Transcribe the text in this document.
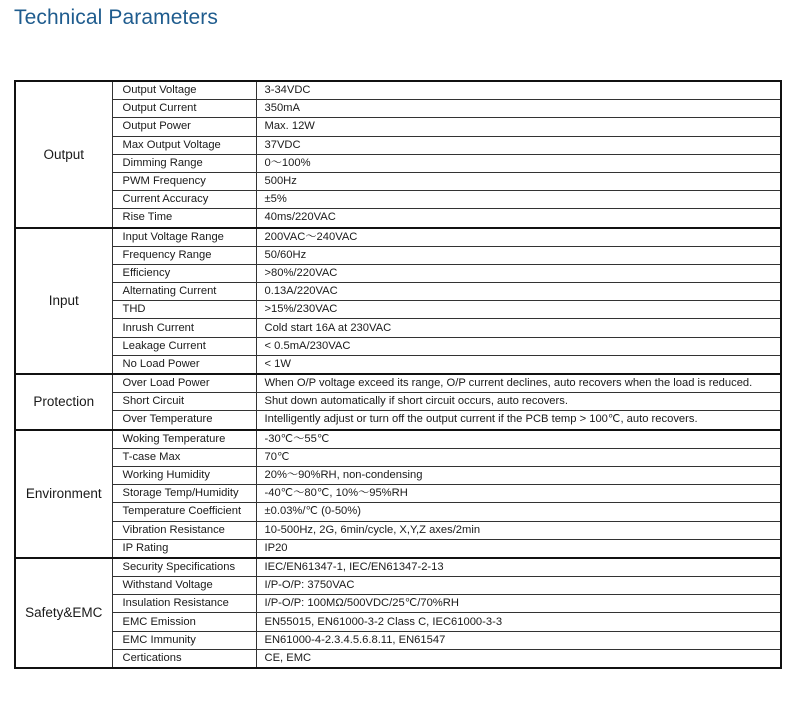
Technical Parameters
Output	Output Voltage	3-34VDC
	Output Current	350mA
	Output Power	Max. 12W
	Max Output Voltage	37VDC
	Dimming Range	0～100%
	PWM Frequency	500Hz
	Current Accuracy	±5%
	Rise Time	40ms/220VAC
Input	Input Voltage Range	200VAC～240VAC
	Frequency Range	50/60Hz
	Efficiency	>80%/220VAC
	Alternating Current	0.13A/220VAC
	THD	>15%/230VAC
	Inrush Current	Cold start 16A at 230VAC
	Leakage Current	< 0.5mA/230VAC
	No Load Power	< 1W
Protection	Over Load Power	When O/P voltage exceed its range, O/P current declines, auto recovers when the load is reduced.
	Short Circuit	Shut down automatically if short circuit occurs, auto recovers.
	Over Temperature	Intelligently adjust or turn off the output current if the PCB temp > 100℃, auto recovers.
Environment	Woking Temperature	-30℃～55℃
	T-case Max	70℃
	Working Humidity	20%～90%RH, non-condensing
	Storage Temp/Humidity	-40℃～80℃, 10%～95%RH
	Temperature Coefficient	±0.03%/℃ (0-50%)
	Vibration Resistance	10-500Hz, 2G, 6min/cycle, X,Y,Z axes/2min
	IP Rating	IP20
Safety&EMC	Security Specifications	IEC/EN61347-1, IEC/EN61347-2-13
	Withstand Voltage	I/P-O/P: 3750VAC
	Insulation Resistance	I/P-O/P: 100MΩ/500VDC/25℃/70%RH
	EMC Emission	EN55015, EN61000-3-2 Class C, IEC61000-3-3
	EMC Immunity	EN61000-4-2.3.4.5.6.8.11, EN61547
	Certications	CE, EMC
